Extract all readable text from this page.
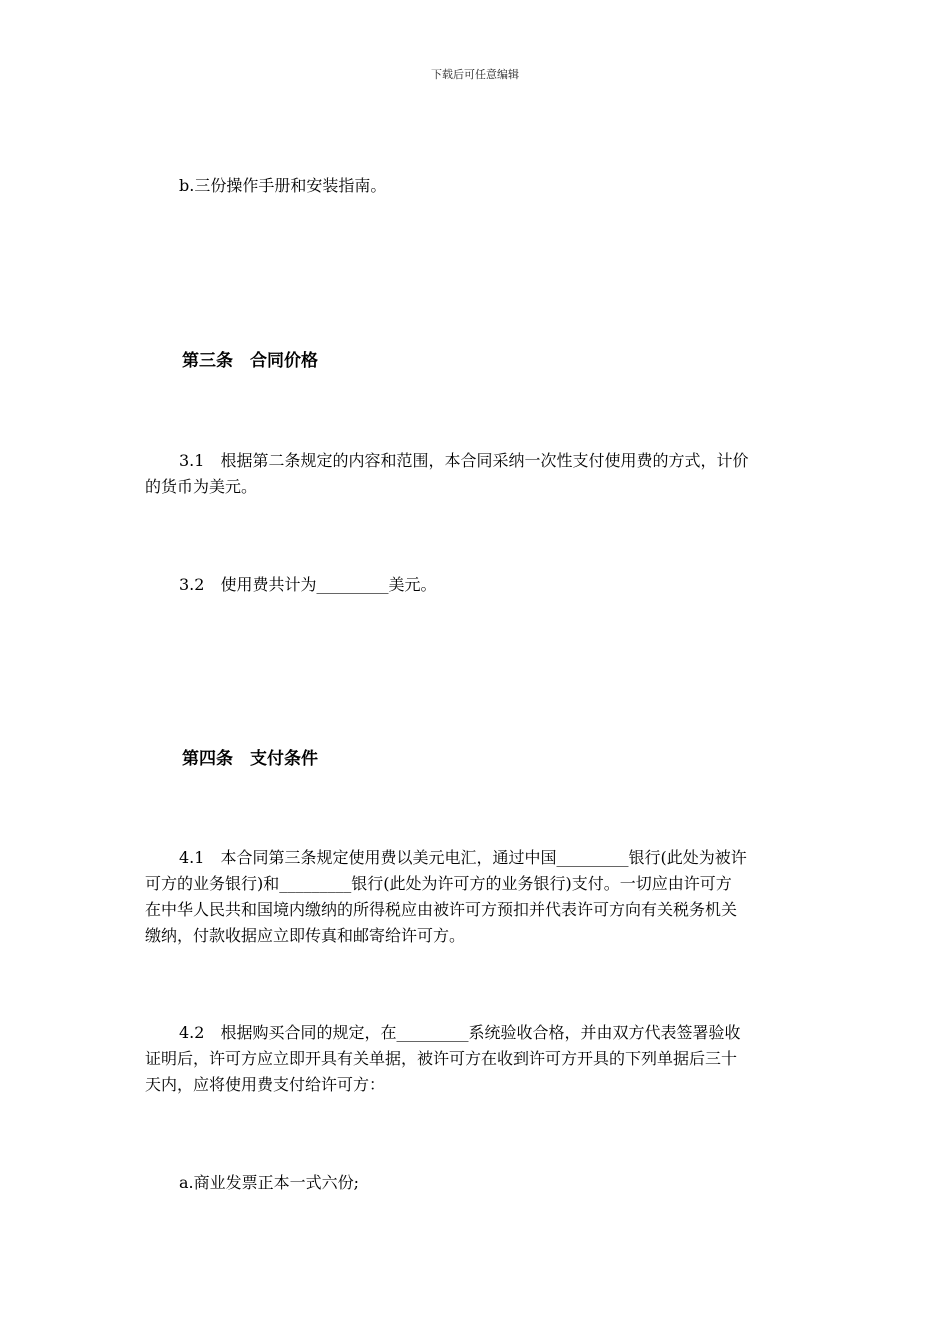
下载后可任意编辑
b.三份操作手册和安装指南。
第三条　合同价格
3.1　根据第二条规定的内容和范围，本合同采纳一次性支付使用费的方式，计价
的货币为美元。
3.2　使用费共计为_________美元。
第四条　支付条件
4.1　本合同第三条规定使用费以美元电汇，通过中国_________银行(此处为被许
可方的业务银行)和_________银行(此处为许可方的业务银行)支付。一切应由许可方
在中华人民共和国境内缴纳的所得税应由被许可方预扣并代表许可方向有关税务机关
缴纳，付款收据应立即传真和邮寄给许可方。
4.2　根据购买合同的规定，在_________系统验收合格，并由双方代表签署验收
证明后，许可方应立即开具有关单据，被许可方在收到许可方开具的下列单据后三十
天内，应将使用费支付给许可方：
a.商业发票正本一式六份;
